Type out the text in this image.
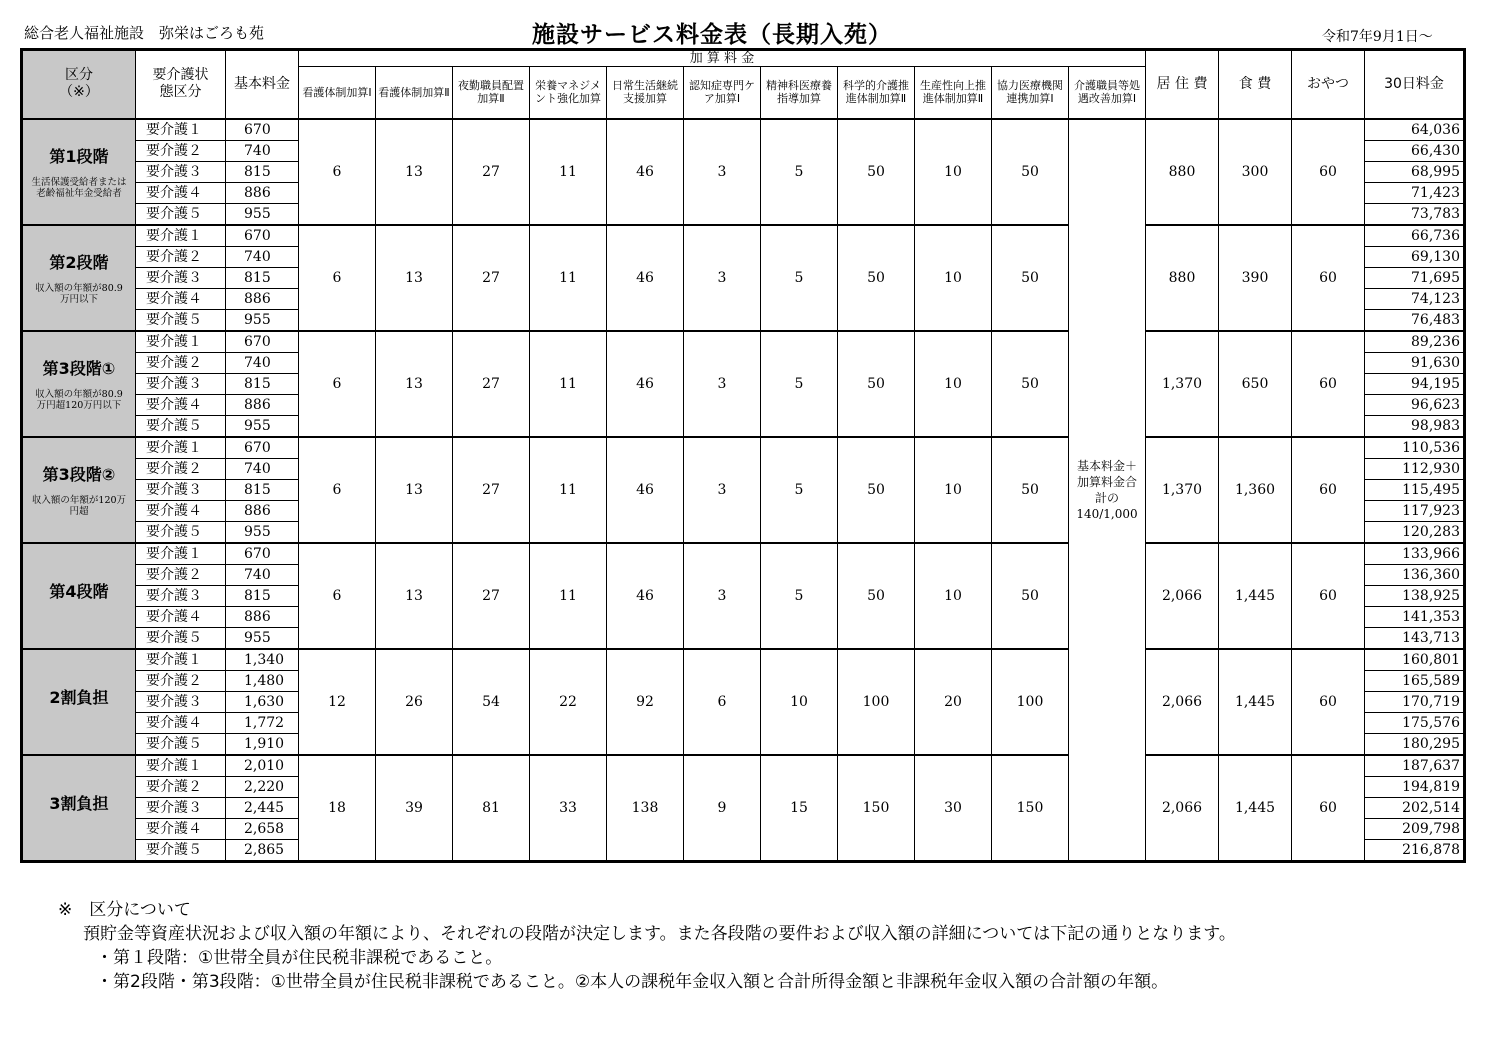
総合老人福祉施設　弥栄はごろも苑	施設サービス料金表（長期入苑）	令和7年9月1日～
区分
（※）	要介護状態区分	基本料金	加 算 料 金											居 住 費	食 費	おやつ	30日料金
			看護体制加算Ⅰ	看護体制加算Ⅱ	夜勤職員配置加算Ⅱ	栄養マネジメント強化加算	日常生活継続支援加算	認知症専門ケア加算Ⅰ	精神科医療養指導加算	科学的介護推進体制加算Ⅱ	生産性向上推進体制加算Ⅱ	協力医療機関連携加算Ⅰ	介護職員等処遇改善加算Ⅰ				

第1段階
生活保護受給者または老齢福祉年金受給者	要介護１	670	6	13	27	11	46	3	5	50	10	50	基本料金＋加算料金合計の140/1,000	880	300	60	64,036
	要介護２	740															66,430
	要介護３	815															68,995
	要介護４	886															71,423
	要介護５	955															73,783

第2段階
収入額の年額が80.9万円以下	要介護１	670	6	13	27	11	46	3	5	50	10	50		880	390	60	66,736
	要介護２	740															69,130
	要介護３	815															71,695
	要介護４	886															74,123
	要介護５	955															76,483

第3段階①
収入額の年額が80.9万円超120万円以下	要介護１	670	6	13	27	11	46	3	5	50	10	50		1,370	650	60	89,236
	要介護２	740															91,630
	要介護３	815															94,195
	要介護４	886															96,623
	要介護５	955															98,983

第3段階②
収入額の年額が120万円超	要介護１	670	6	13	27	11	46	3	5	50	10	50		1,370	1,360	60	110,536
	要介護２	740															112,930
	要介護３	815															115,495
	要介護４	886															117,923
	要介護５	955															120,283

第4段階	要介護１	670	6	13	27	11	46	3	5	50	10	50		2,066	1,445	60	133,966
	要介護２	740															136,360
	要介護３	815															138,925
	要介護４	886															141,353
	要介護５	955															143,713

2割負担	要介護１	1,340	12	26	54	22	92	6	10	100	20	100		2,066	1,445	60	160,801
	要介護２	1,480															165,589
	要介護３	1,630															170,719
	要介護４	1,772															175,576
	要介護５	1,910															180,295

3割負担	要介護１	2,010	18	39	81	33	138	9	15	150	30	150		2,066	1,445	60	187,637
	要介護２	2,220															194,819
	要介護３	2,445															202,514
	要介護４	2,658															209,798
	要介護５	2,865															216,878
※　区分について
預貯金等資産状況および収入額の年額により、それぞれの段階が決定します。また各段階の要件および収入額の詳細については下記の通りとなります。
・第１段階：①世帯全員が住民税非課税であること。
・第2段階・第3段階：①世帯全員が住民税非課税であること。②本人の課税年金収入額と合計所得金額と非課税年金収入額の合計額の年額。
